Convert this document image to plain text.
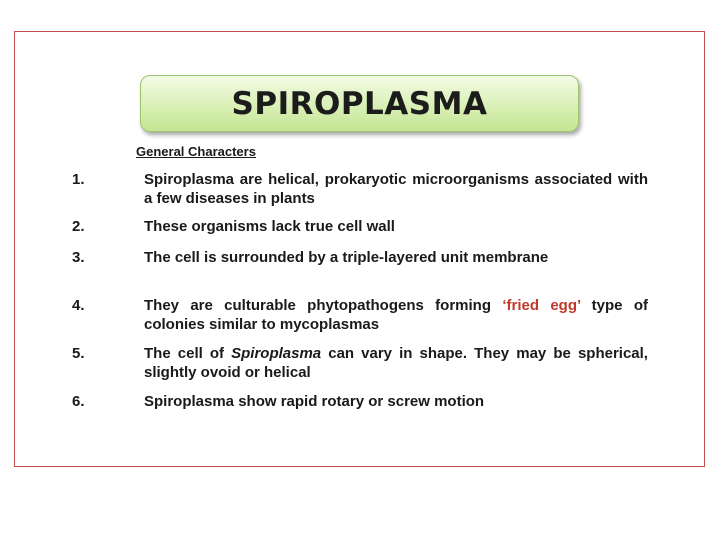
SPIROPLASMA
General Characters
1.	Spiroplasma are helical, prokaryotic microorganisms associated with a few diseases in plants

2.	These organisms lack true cell wall

3.	The cell is surrounded by a triple-layered unit membrane

4.	They are culturable phytopathogens forming ‘fried egg’ type of colonies similar to mycoplasmas

5.	The cell of Spiroplasma can vary in shape. They may be spherical, slightly ovoid or helical

6.	Spiroplasma show rapid rotary or screw motion
